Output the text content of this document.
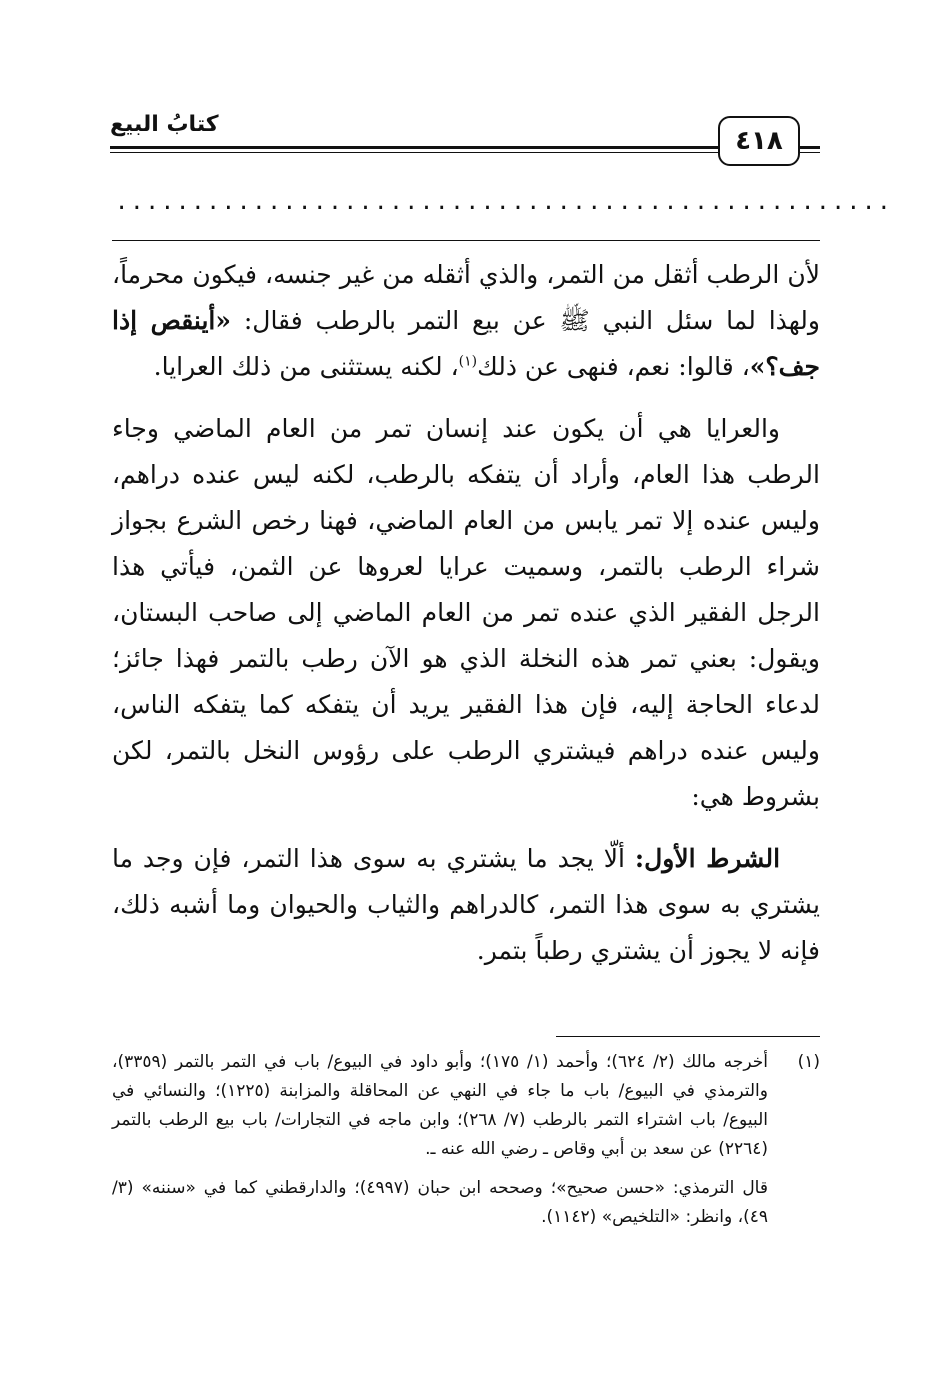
٤١٨
كتابُ البيع
...................................................

لأن الرطب أثقل من التمر، والذي أثقله من غير جنسه، فيكون محرماً، ولهذا لما سئل النبي ﷺ عن بيع التمر بالرطب فقال: «أينقص إذا جف؟»، قالوا: نعم، فنهى عن ذلك$^{(١)}$، لكنه يستثنى من ذلك العرايا.

والعرايا هي أن يكون عند إنسان تمر من العام الماضي وجاء الرطب هذا العام، وأراد أن يتفكه بالرطب، لكنه ليس عنده دراهم، وليس عنده إلا تمر يابس من العام الماضي، فهنا رخص الشرع بجواز شراء الرطب بالتمر، وسميت عرايا لعروها عن الثمن، فيأتي هذا الرجل الفقير الذي عنده تمر من العام الماضي إلى صاحب البستان، ويقول: بعني تمر هذه النخلة الذي هو الآن رطب بالتمر فهذا جائز؛ لدعاء الحاجة إليه، فإن هذا الفقير يريد أن يتفكه كما يتفكه الناس، وليس عنده دراهم فيشتري الرطب على رؤوس النخل بالتمر، لكن بشروط هي:

الشرط الأول: ألّا يجد ما يشتري به سوى هذا التمر، فإن وجد ما يشتري به سوى هذا التمر، كالدراهم والثياب والحيوان وما أشبه ذلك، فإنه لا يجوز أن يشتري رطباً بتمر.

(١)
أخرجه مالك (٢/ ٦٢٤)؛ وأحمد (١/ ١٧٥)؛ وأبو داود في البيوع/ باب في التمر بالتمر (٣٣٥٩)، والترمذي في البيوع/ باب ما جاء في النهي عن المحاقلة والمزابنة (١٢٢٥)؛ والنسائي في البيوع/ باب اشتراء التمر بالرطب (٧/ ٢٦٨)؛ وابن ماجه في التجارات/ باب بيع الرطب بالتمر (٢٢٦٤) عن سعد بن أبي وقاص ـ رضي الله عنه ـ.
قال الترمذي: «حسن صحيح»؛ وصححه ابن حبان (٤٩٩٧)؛ والدارقطني كما في «سننه» (٣/ ٤٩)، وانظر: «التلخيص» (١١٤٢).
